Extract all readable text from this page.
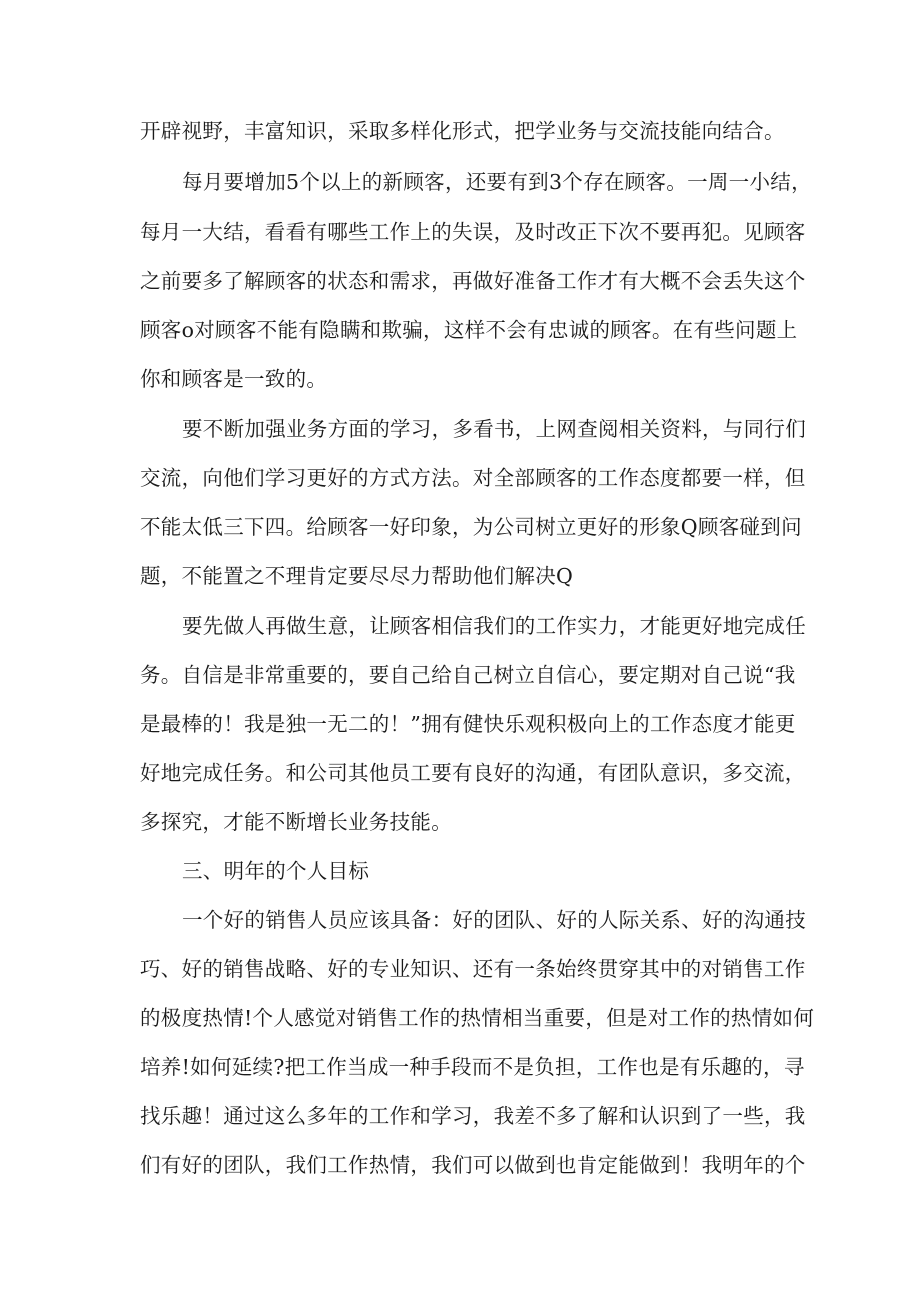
开辟视野，丰富知识，采取多样化形式，把学业务与交流技能向结合。
每月要增加5个以上的新顾客，还要有到3个存在顾客。一周一小结，
每月一大结，看看有哪些工作上的失误，及时改正下次不要再犯。见顾客
之前要多了解顾客的状态和需求，再做好准备工作才有大概不会丢失这个
顾客o对顾客不能有隐瞒和欺骗，这样不会有忠诚的顾客。在有些问题上
你和顾客是一致的。
要不断加强业务方面的学习，多看书，上网查阅相关资料，与同行们
交流，向他们学习更好的方式方法。对全部顾客的工作态度都要一样，但
不能太低三下四。给顾客一好印象，为公司树立更好的形象Q顾客碰到问
题，不能置之不理肯定要尽尽力帮助他们解决Q
要先做人再做生意，让顾客相信我们的工作实力，才能更好地完成任
务。自信是非常重要的，要自己给自己树立自信心，要定期对自己说“我
是最棒的！我是独一无二的！”拥有健快乐观积极向上的工作态度才能更
好地完成任务。和公司其他员工要有良好的沟通，有团队意识，多交流，
多探究，才能不断增长业务技能。
三、明年的个人目标
一个好的销售人员应该具备：好的团队、好的人际关系、好的沟通技
巧、好的销售战略、好的专业知识、还有一条始终贯穿其中的对销售工作
的极度热情!个人感觉对销售工作的热情相当重要，但是对工作的热情如何
培养!如何延续?把工作当成一种手段而不是负担，工作也是有乐趣的，寻
找乐趣！通过这么多年的工作和学习，我差不多了解和认识到了一些，我
们有好的团队，我们工作热情，我们可以做到也肯定能做到！我明年的个
